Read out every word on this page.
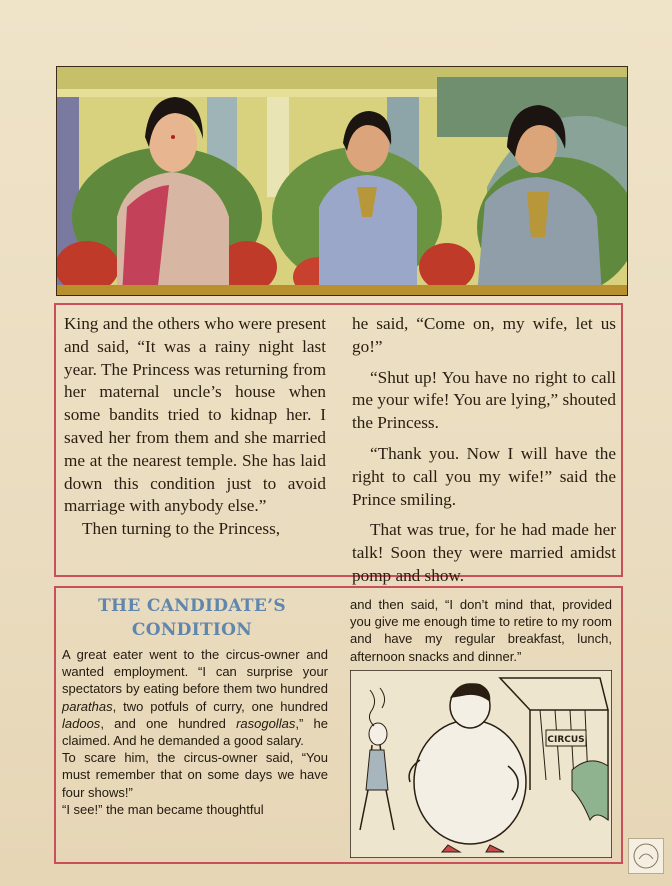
King and the others who were present and said, “It was a rainy night last year. The Princess was returning from her maternal uncle’s house when some bandits tried to kidnap her. I saved her from them and she married me at the nearest temple. She has laid down this condition just to avoid marriage with anybody else.”

Then turning to the Princess,

he said, “Come on, my wife, let us go!”

“Shut up! You have no right to call me your wife! You are lying,” shouted the Princess.

“Thank you. Now I will have the right to call you my wife!” said the Prince smiling.

That was true, for he had made her talk! Soon they were married amidst pomp and show.

THE CANDIDATE’S CONDITION

A great eater went to the circus-owner and wanted employment. “I can surprise your spectators by eating before them two hundred parathas, two potfuls of curry, one hundred ladoos, and one hundred rasogollas,” he claimed. And he demanded a good salary.

To scare him, the circus-owner said, “You must remember that on some days we have four shows!”

“I see!” the man became thoughtful

and then said, “I don’t mind that, provided you give me enough time to retire to my room and have my regular breakfast, lunch, afternoon snacks and dinner.”

CIRCUS
